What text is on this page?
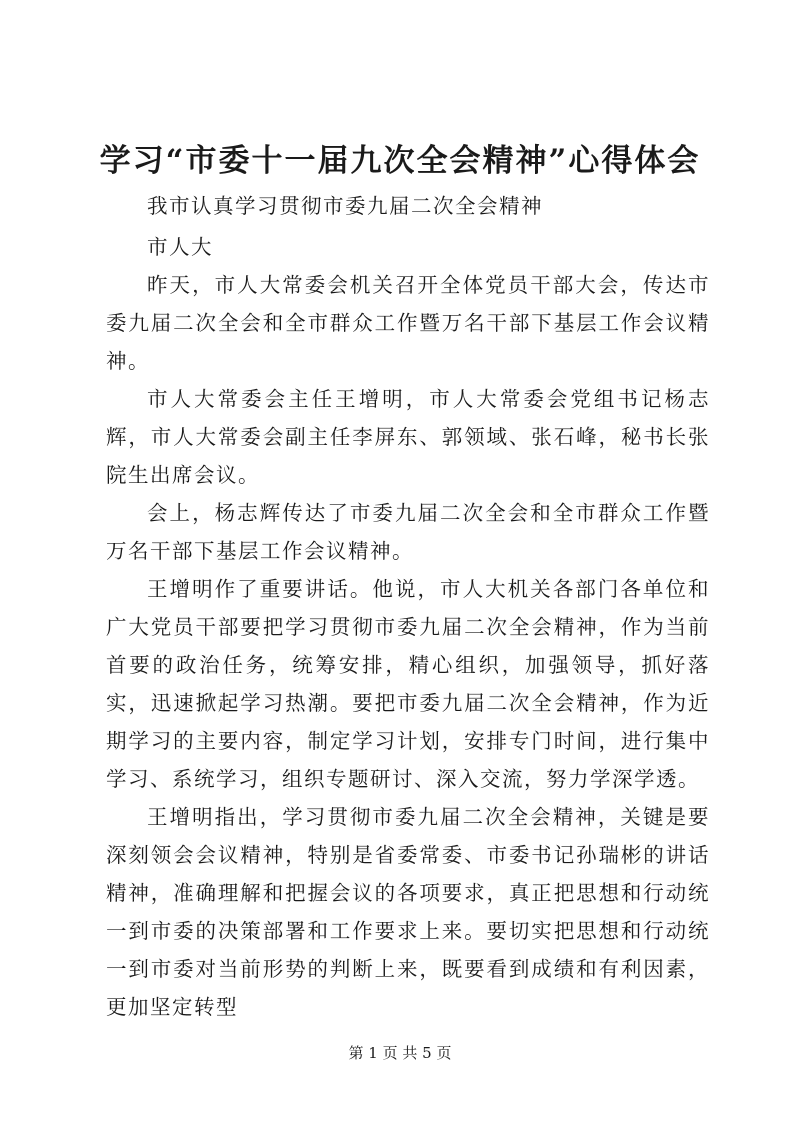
学习“市委十一届九次全会精神”心得体会

我市认真学习贯彻市委九届二次全会精神

市人大

昨天，市人大常委会机关召开全体党员干部大会，传达市委九届二次全会和全市群众工作暨万名干部下基层工作会议精神。

市人大常委会主任王增明，市人大常委会党组书记杨志辉，市人大常委会副主任李屏东、郭领域、张石峰，秘书长张院生出席会议。

会上，杨志辉传达了市委九届二次全会和全市群众工作暨万名干部下基层工作会议精神。

王增明作了重要讲话。他说，市人大机关各部门各单位和广大党员干部要把学习贯彻市委九届二次全会精神，作为当前首要的政治任务，统筹安排，精心组织，加强领导，抓好落实，迅速掀起学习热潮。要把市委九届二次全会精神，作为近期学习的主要内容，制定学习计划，安排专门时间，进行集中学习、系统学习，组织专题研讨、深入交流，努力学深学透。

王增明指出，学习贯彻市委九届二次全会精神，关键是要深刻领会会议精神，特别是省委常委、市委书记孙瑞彬的讲话精神，准确理解和把握会议的各项要求，真正把思想和行动统一到市委的决策部署和工作要求上来。要切实把思想和行动统一到市委对当前形势的判断上来，既要看到成绩和有利因素，更加坚定转型

第 1 页 共 5 页
